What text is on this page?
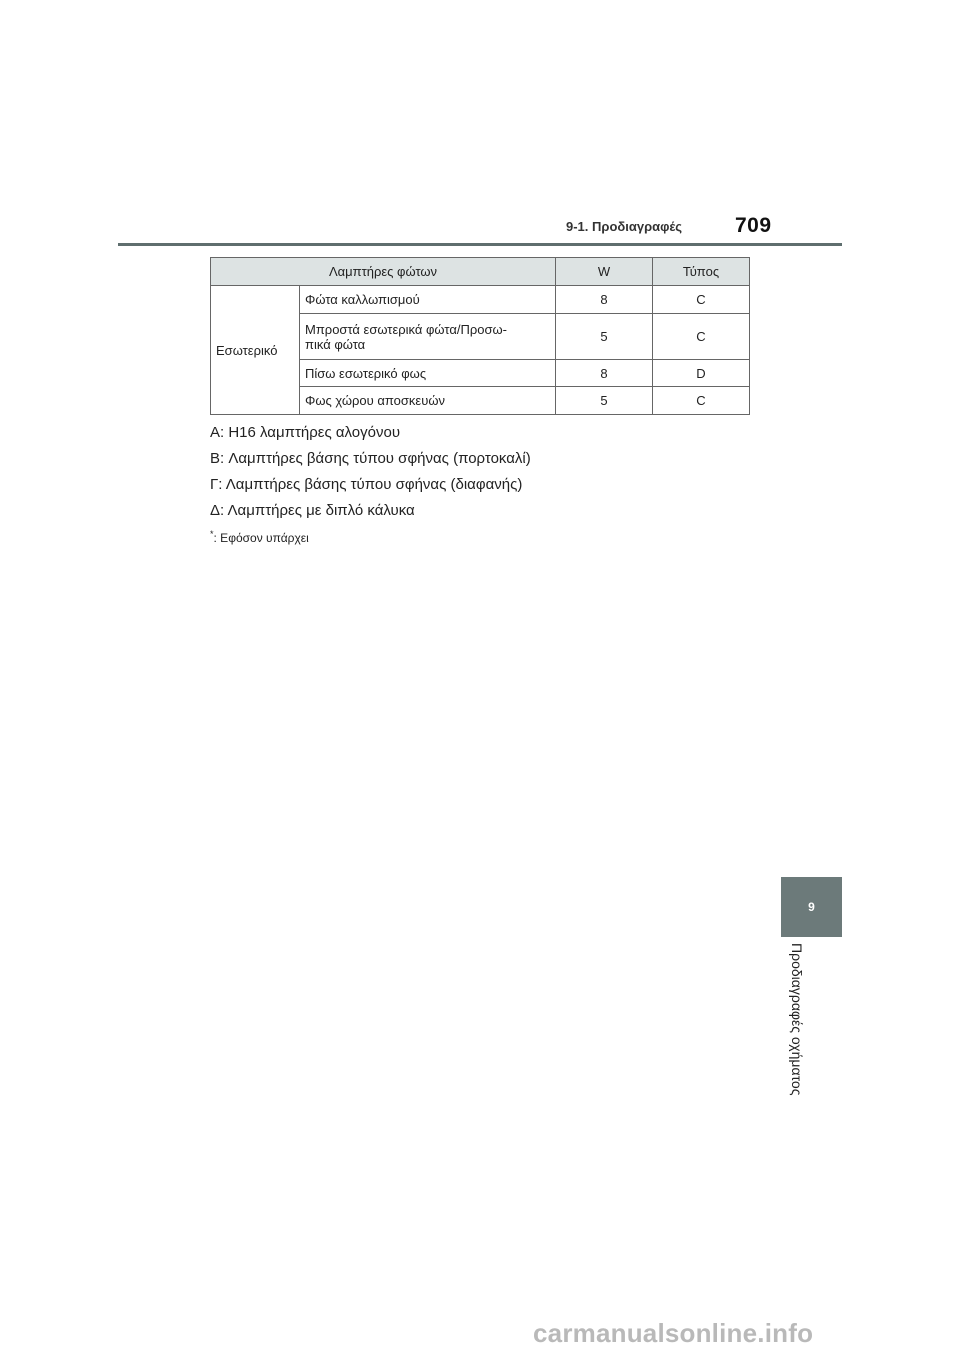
9-1. Προδιαγραφές	709
Λαμπτήρες φώτων		W	Τύπος
Εσωτερικό	Φώτα καλλωπισμού	8	C

	Μπροστά εσωτερικά φώτα/Προσω-
πικά φώτα	5	C
	Πίσω εσωτερικό φως	8	D
	Φως χώρου αποσκευών	5	C
A: H16 λαμπτήρες αλογόνου
B: Λαμπτήρες βάσης τύπου σφήνας (πορτοκαλί)
Γ: Λαμπτήρες βάσης τύπου σφήνας (διαφανής)
Δ: Λαμπτήρες με διπλό κάλυκα
*: Εφόσον υπάρχει
9
Προδιαγραφές οχήματος
carmanualsonline.info
